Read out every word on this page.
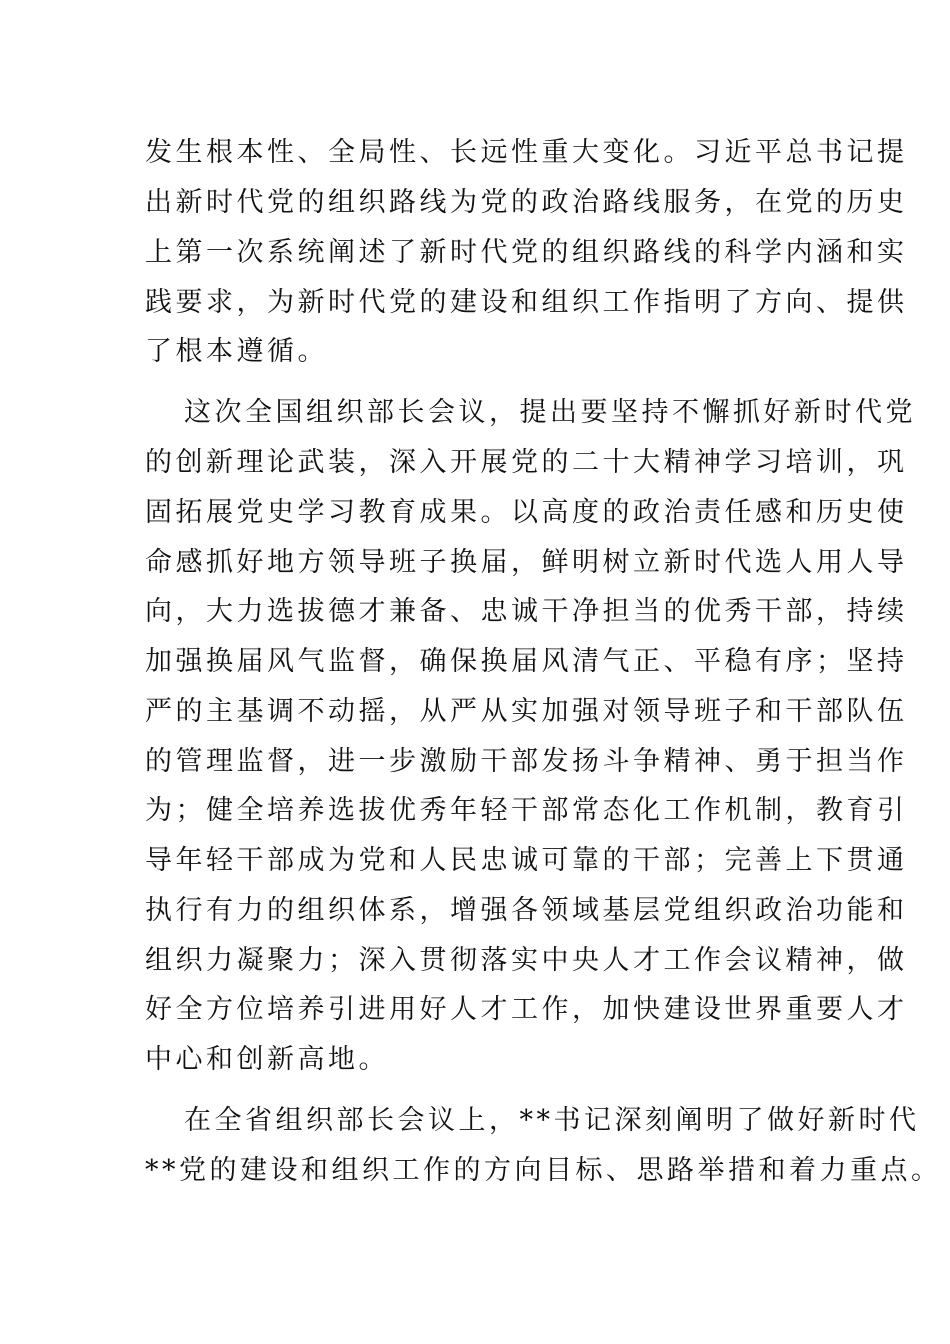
发生根本性、全局性、长远性重大变化。习近平总书记提
出新时代党的组织路线为党的政治路线服务，在党的历史
上第一次系统阐述了新时代党的组织路线的科学内涵和实
践要求，为新时代党的建设和组织工作指明了方向、提供
了根本遵循。
这次全国组织部长会议，提出要坚持不懈抓好新时代党
的创新理论武装，深入开展党的二十大精神学习培训，巩
固拓展党史学习教育成果。以高度的政治责任感和历史使
命感抓好地方领导班子换届，鲜明树立新时代选人用人导
向，大力选拔德才兼备、忠诚干净担当的优秀干部，持续
加强换届风气监督，确保换届风清气正、平稳有序；坚持
严的主基调不动摇，从严从实加强对领导班子和干部队伍
的管理监督，进一步激励干部发扬斗争精神、勇于担当作
为；健全培养选拔优秀年轻干部常态化工作机制，教育引
导年轻干部成为党和人民忠诚可靠的干部；完善上下贯通
执行有力的组织体系，增强各领域基层党组织政治功能和
组织力凝聚力；深入贯彻落实中央人才工作会议精神，做
好全方位培养引进用好人才工作，加快建设世界重要人才
中心和创新高地。
在全省组织部长会议上，**书记深刻阐明了做好新时代
**党的建设和组织工作的方向目标、思路举措和着力重点。
